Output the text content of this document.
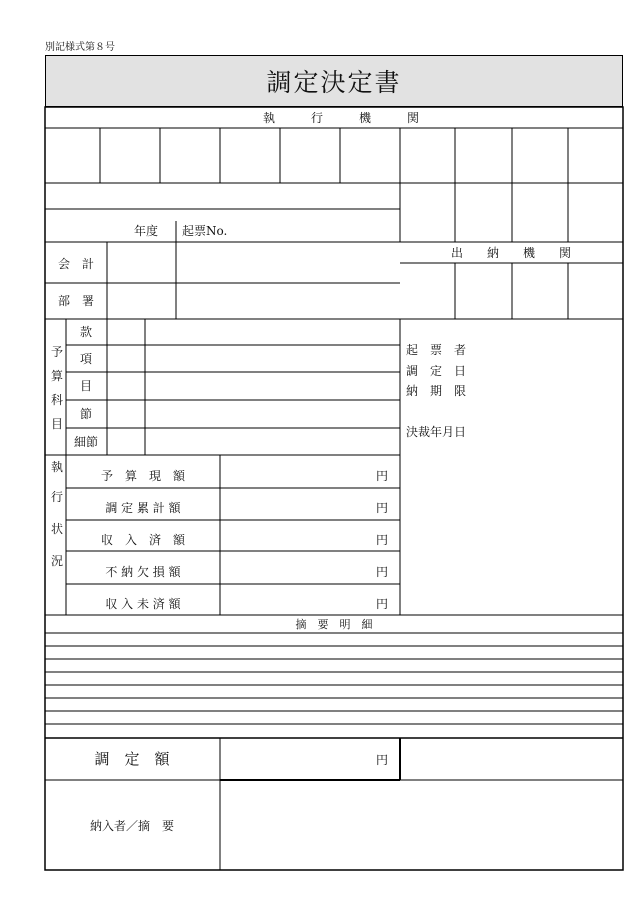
別記様式第８号
調定決定書
執　　　行　　　機　　　関
年度 起票No.
出　　納　　機　　関
会　計
部　署
予
算
科
目
款
項
目
節
細節
起　票　者
調　定　日
納　期　限
決裁年月日
執
行
状
況
予　算　現　額
調 定 累 計 額
収　入　済　額
不 納 欠 損 額
収 入 未 済 額
円
円
円
円
円
摘　要　明　細
調　定　額	円
納入者／摘　要
